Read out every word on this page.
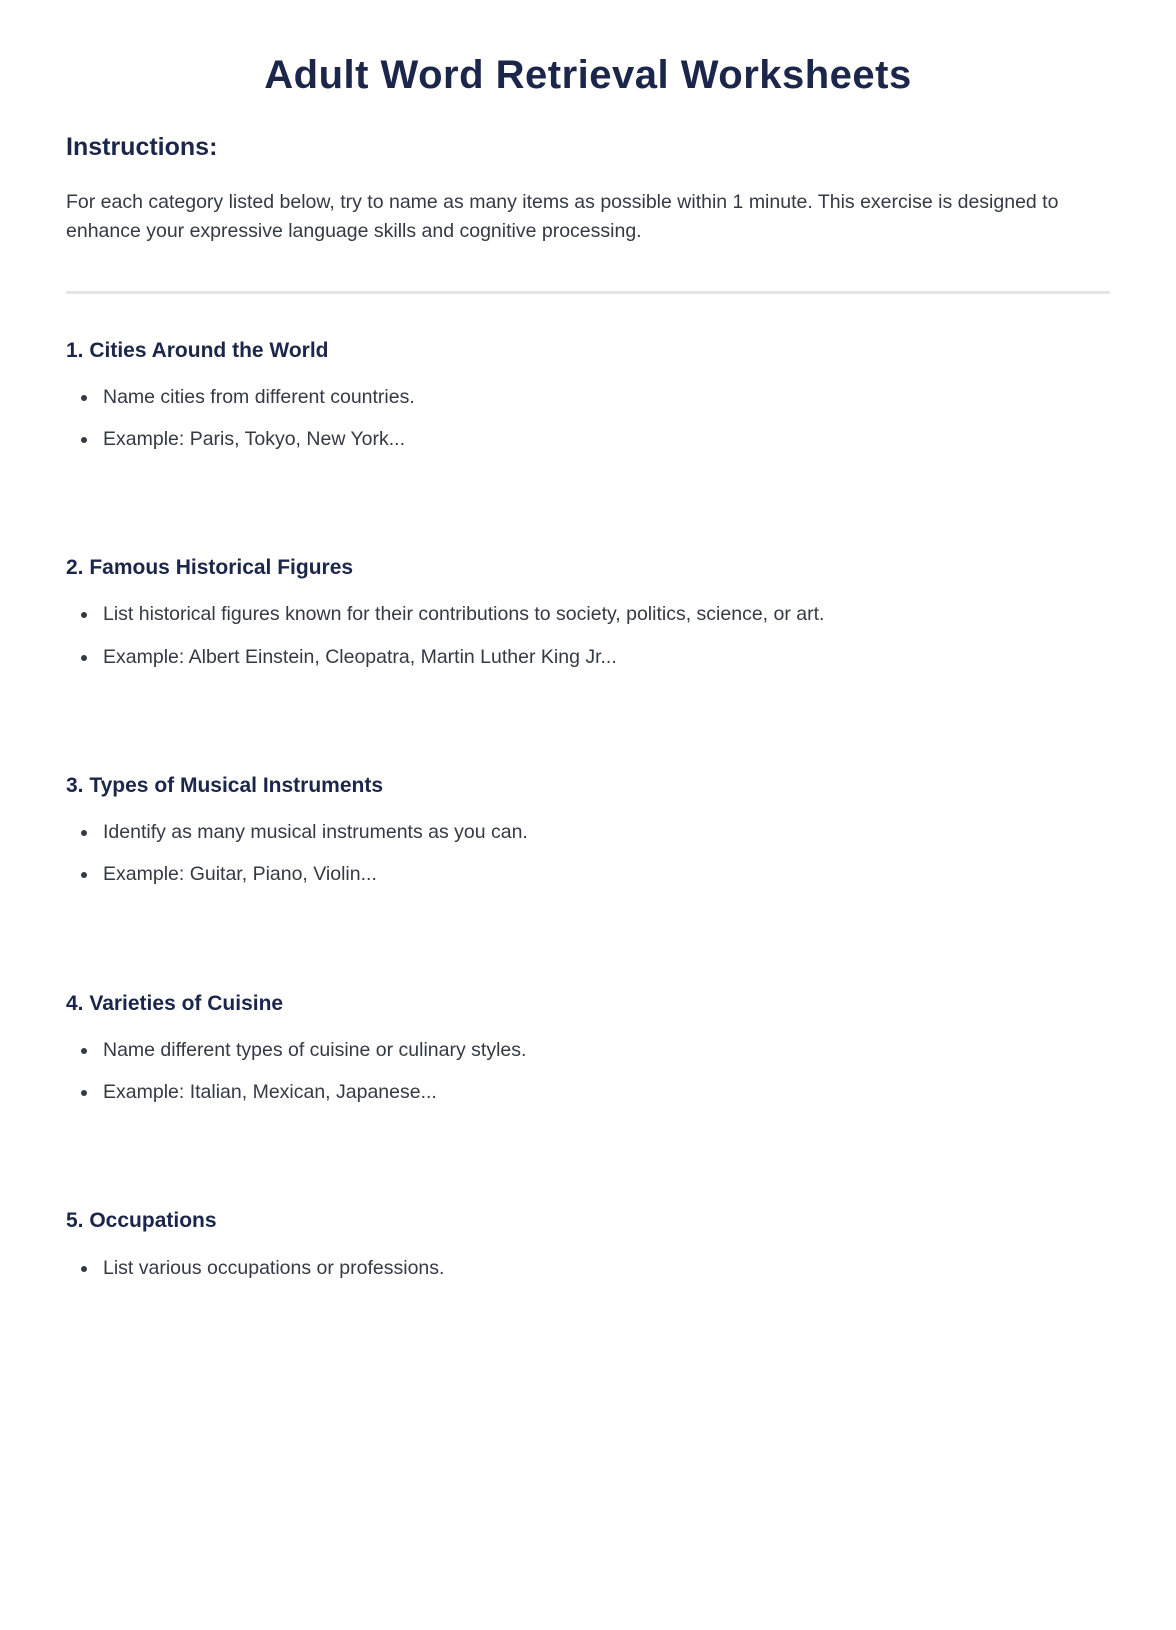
Adult Word Retrieval Worksheets
Instructions:

For each category listed below, try to name as many items as possible within 1 minute. This exercise is designed to enhance your expressive language skills and cognitive processing.

1. Cities Around the World
• Name cities from different countries.
• Example: Paris, Tokyo, New York...
2. Famous Historical Figures
• List historical figures known for their contributions to society, politics, science, or art.
• Example: Albert Einstein, Cleopatra, Martin Luther King Jr...
3. Types of Musical Instruments
• Identify as many musical instruments as you can.
• Example: Guitar, Piano, Violin...
4. Varieties of Cuisine
• Name different types of cuisine or culinary styles.
• Example: Italian, Mexican, Japanese...
5. Occupations
• List various occupations or professions.
